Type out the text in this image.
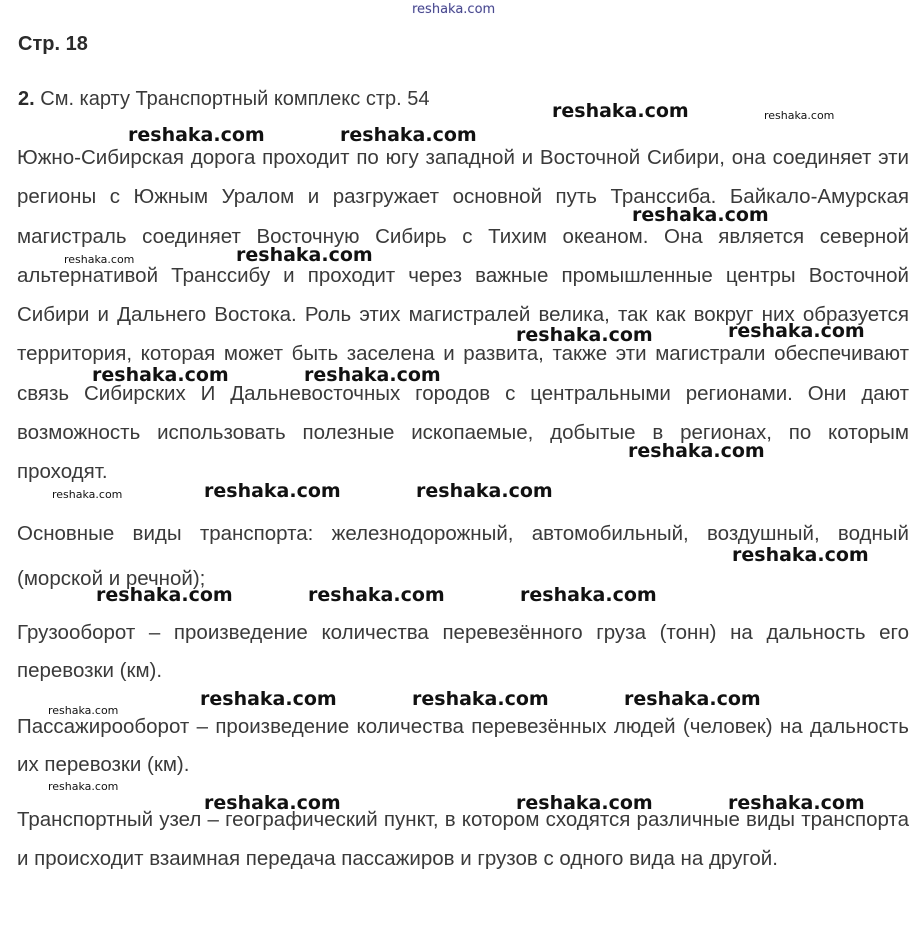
reshaka.com
Стр. 18
2. См. карту Транспортный комплекс стр. 54

Южно-Сибирская дорога проходит по югу западной и Восточной Сибири, она соединяет эти регионы с Южным Уралом и разгружает основной путь Транссиба. Байкало-Амурская магистраль соединяет Восточную Сибирь с Тихим океаном. Она является северной альтернативой Транссибу и проходит через важные промышленные центры Восточной Сибири и Дальнего Востока. Роль этих магистралей велика, так как вокруг них образуется территория, которая может быть заселена и развита, также эти магистрали обеспечивают связь Сибирских И Дальневосточных городов с центральными регионами. Они дают возможность использовать полезные ископаемые, добытые в регионах, по которым проходят.

Основные виды транспорта: железнодорожный, автомобильный, воздушный, водный (морской и речной);

Грузооборот – произведение количества перевезённого груза (тонн) на дальность его перевозки (км).

Пассажирооборот – произведение количества перевезённых людей (человек) на дальность их перевозки (км).

Транспортный узел – географический пункт, в котором сходятся различные виды транспорта и происходит взаимная передача пассажиров и грузов с одного вида на другой.

reshaka.com	reshaka.com
reshaka.com	reshaka.com
reshaka.com
reshaka.com
reshaka.com
reshaka.com	reshaka.com
reshaka.com	reshaka.com
reshaka.com
reshaka.com	reshaka.com
reshaka.com
reshaka.com
reshaka.com	reshaka.com	reshaka.com
reshaka.com	reshaka.com	reshaka.com
reshaka.com
reshaka.com
reshaka.com	reshaka.com	reshaka.com
